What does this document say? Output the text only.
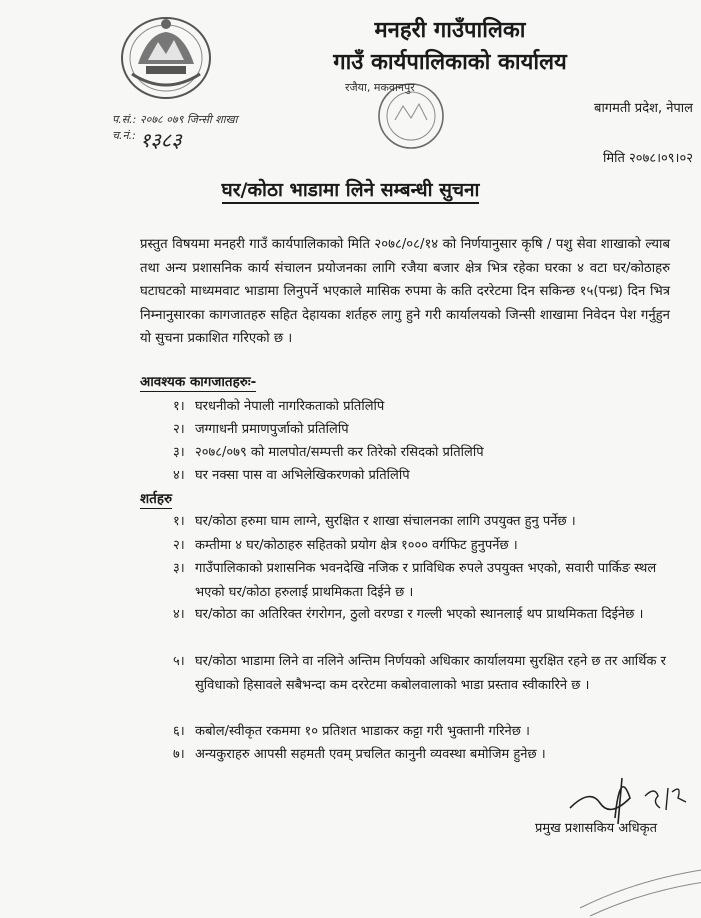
मनहरी गाउँपालिका
गाउँ कार्यपालिकाको कार्यालय
रजैया, मकवानपुर
बागमती प्रदेश, नेपाल
प.सं.: २०७८ ०७९ जिन्सी शाखा
च.नं.: १३८३
मिति २०७८।०९।०२
घर/कोठा भाडामा लिने सम्बन्धी सुचना
प्रस्तुत विषयमा मनहरी गाउँ कार्यपालिकाको मिति २०७८/०८/१४ को निर्णयानुसार कृषि / पशु सेवा शाखाको ल्याब तथा अन्य प्रशासनिक कार्य संचालन प्रयोजनका लागि रजैया बजार क्षेत्र भित्र रहेका घरका ४ वटा घर/कोठाहरु घटाघटको माध्यमवाट भाडामा लिनुपर्ने भएकाले मासिक रुपमा के कति दररेटमा दिन सकिन्छ १५(पन्ध्र) दिन भित्र निम्नानुसारका कागजातहरु सहित देहायका शर्तहरु लागु हुने गरी कार्यालयको जिन्सी शाखामा निवेदन पेश गर्नुहुन यो सुचना प्रकाशित गरिएको छ ।
आवश्यक कागजातहरुः-
१। घरधनीको नेपाली नागरिकताको प्रतिलिपि
२। जग्गाधनी प्रमाणपुर्जाको प्रतिलिपि
३। २०७८/०७९ को मालपोत/सम्पत्ती कर तिरेको रसिदको प्रतिलिपि
४। घर नक्सा पास वा अभिलेखिकरणको प्रतिलिपि
शर्तहरु
१। घर/कोठा हरुमा घाम लाग्ने, सुरक्षित र शाखा संचालनका लागि उपयुक्त हुनु पर्नेछ ।
२। कम्तीमा ४ घर/कोठाहरु सहितको प्रयोग क्षेत्र १००० वर्गफिट हुनुपर्नेछ ।
३। गाउँपालिकाको प्रशासनिक भवनदेखि नजिक र प्राविधिक रुपले उपयुक्त भएको, सवारी पार्किङ स्थल भएको घर/कोठा हरुलाई प्राथमिकता दिईने छ ।
४। घर/कोठा का अतिरिक्त रंगरोगन, ठुलो वरण्डा र गल्ली भएको स्थानलाई थप प्राथमिकता दिईनेछ ।
५। घर/कोठा भाडामा लिने वा नलिने अन्तिम निर्णयको अधिकार कार्यालयमा सुरक्षित रहने छ तर आर्थिक र सुविधाको हिसावले सबैभन्दा कम दररेटमा कबोलवालाको भाडा प्रस्ताव स्वीकारिने छ ।
६। कबोल/स्वीकृत रकममा १० प्रतिशत भाडाकर कट्टा गरी भुक्तानी गरिनेछ ।
७। अन्यकुराहरु आपसी सहमती एवम् प्रचलित कानुनी व्यवस्था बमोजिम हुनेछ ।
प्रमुख प्रशासकिय अधिकृत
